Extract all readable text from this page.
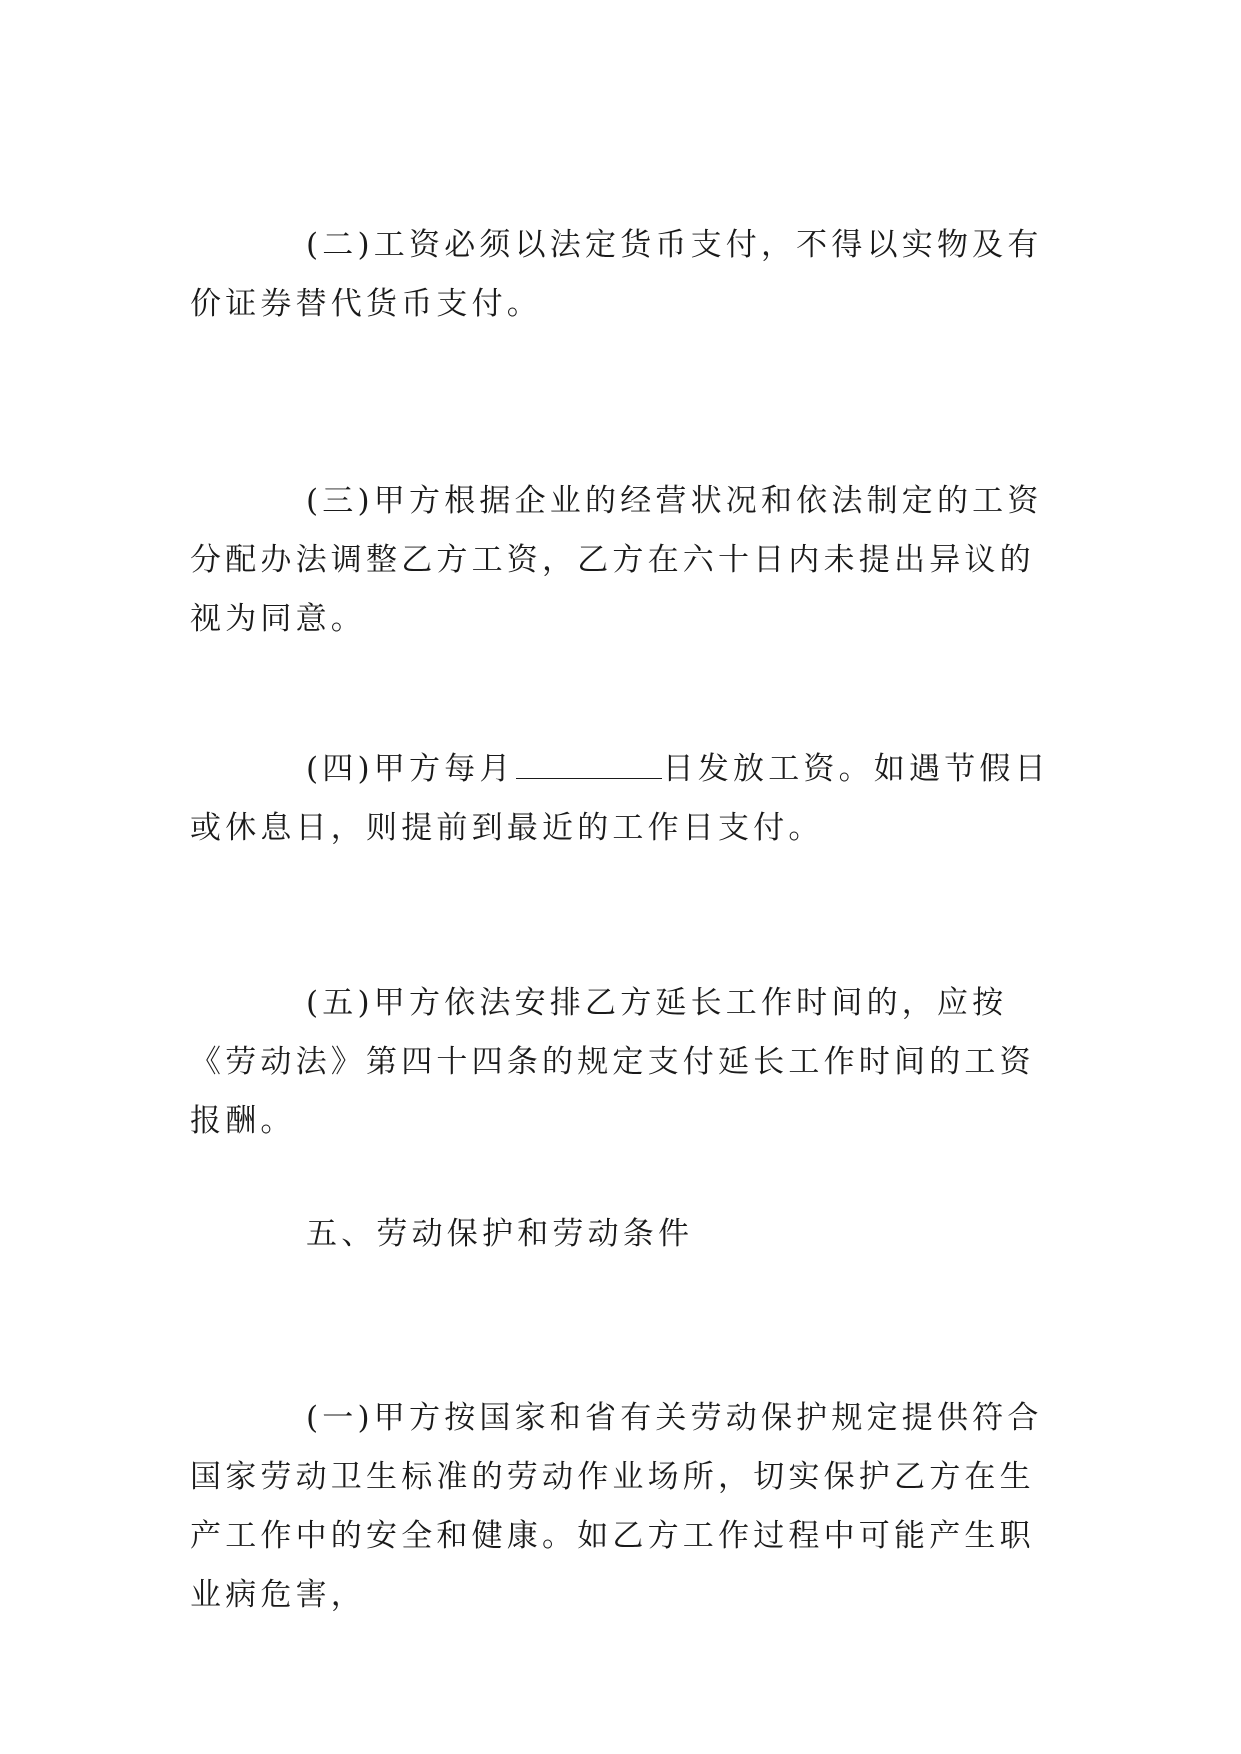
(二)工资必须以法定货币支付，不得以实物及有价证券替代货币支付。

(三)甲方根据企业的经营状况和依法制定的工资分配办法调整乙方工资，乙方在六十日内未提出异议的视为同意。

(四)甲方每月	日发放工资。如遇节假日或休息日，则提前到最近的工作日支付。

(五)甲方依法安排乙方延长工作时间的，应按《劳动法》第四十四条的规定支付延长工作时间的工资报酬。

五、劳动保护和劳动条件

(一)甲方按国家和省有关劳动保护规定提供符合国家劳动卫生标准的劳动作业场所，切实保护乙方在生产工作中的安全和健康。如乙方工作过程中可能产生职业病危害，
